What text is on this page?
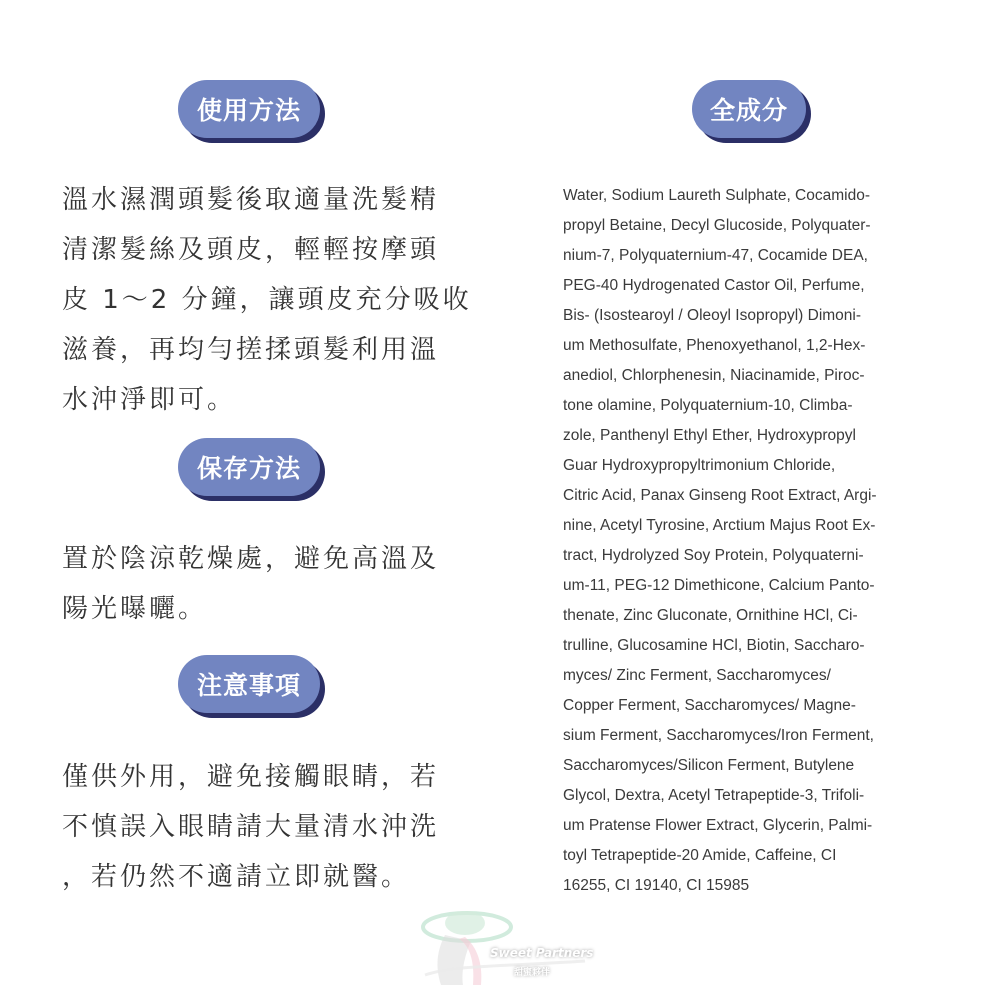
使用方法
溫水濕潤頭髮後取適量洗髮精
清潔髮絲及頭皮，輕輕按摩頭
皮 1～2 分鐘，讓頭皮充分吸收
滋養，再均勻搓揉頭髮利用溫
水沖淨即可。
保存方法
置於陰涼乾燥處，避免高溫及
陽光曝曬。
注意事項
僅供外用，避免接觸眼睛，若
不慎誤入眼睛請大量清水沖洗
，若仍然不適請立即就醫。
全成分
Water, Sodium Laureth Sulphate, Cocamido-
propyl Betaine, Decyl Glucoside, Polyquater-
nium-7, Polyquaternium-47, Cocamide DEA,
PEG-40 Hydrogenated Castor Oil, Perfume,
Bis- (Isostearoyl / Oleoyl Isopropyl) Dimoni-
um Methosulfate, Phenoxyethanol, 1,2-Hex-
anediol, Chlorphenesin, Niacinamide, Piroc-
tone olamine, Polyquaternium-10, Climba-
zole, Panthenyl Ethyl Ether, Hydroxypropyl
Guar Hydroxypropyltrimonium Chloride,
Citric Acid, Panax Ginseng Root Extract, Argi-
nine, Acetyl Tyrosine, Arctium Majus Root Ex-
tract, Hydrolyzed Soy Protein, Polyquaterni-
um-11, PEG-12 Dimethicone, Calcium Panto-
thenate, Zinc Gluconate, Ornithine HCl, Ci-
trulline, Glucosamine HCl, Biotin, Saccharo-
myces/ Zinc Ferment, Saccharomyces/
Copper Ferment, Saccharomyces/ Magne-
sium Ferment, Saccharomyces/Iron Ferment,
Saccharomyces/Silicon Ferment, Butylene
Glycol, Dextra, Acetyl Tetrapeptide-3, Trifoli-
um Pratense Flower Extract, Glycerin, Palmi-
toyl Tetrapeptide-20 Amide, Caffeine, CI
16255, CI 19140, CI 15985
Sweet Partners
甜蜜夥伴
